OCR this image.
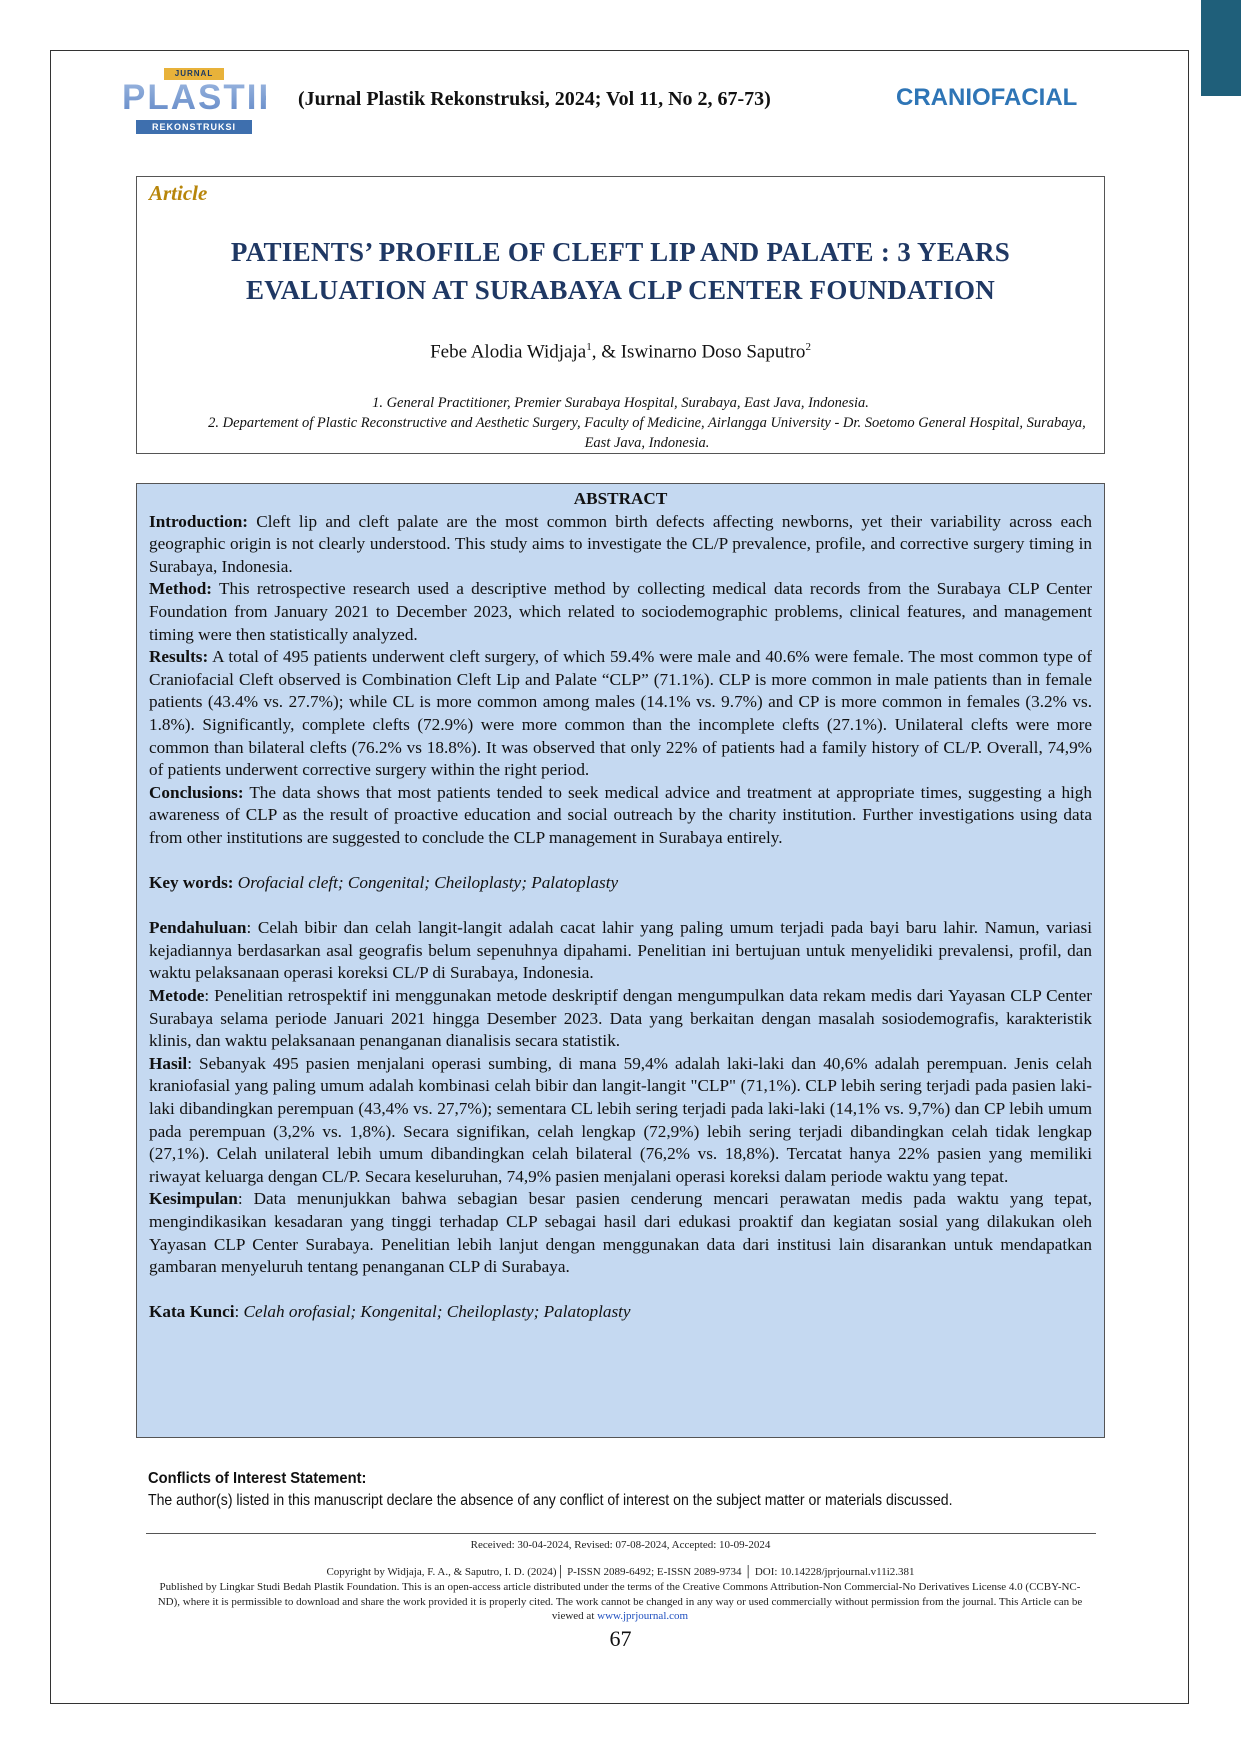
JURNAL
PLASTIK
REKONSTRUKSI
(Jurnal Plastik Rekonstruksi, 2024; Vol 11, No 2, 67-73)	CRANIOFACIAL
Article
PATIENTS’ PROFILE OF CLEFT LIP AND PALATE : 3 YEARS
EVALUATION AT SURABAYA CLP CENTER FOUNDATION
Febe Alodia Widjaja$^1$, & Iswinarno Doso Saputro$^2$
1. General Practitioner, Premier Surabaya Hospital, Surabaya, East Java, Indonesia.
2. Departement of Plastic Reconstructive and Aesthetic Surgery, Faculty of Medicine, Airlangga University - Dr. Soetomo General Hospital, Surabaya, East Java, Indonesia.

ABSTRACT

Introduction: Cleft lip and cleft palate are the most common birth defects affecting newborns, yet their variability across each geographic origin is not clearly understood. This study aims to investigate the CL/P prevalence, profile, and corrective surgery timing in Surabaya, Indonesia.

Method: This retrospective research used a descriptive method by collecting medical data records from the Surabaya CLP Center Foundation from January 2021 to December 2023, which related to sociodemographic problems, clinical features, and management timing were then statistically analyzed.

Results: A total of 495 patients underwent cleft surgery, of which 59.4% were male and 40.6% were female. The most common type of Craniofacial Cleft observed is Combination Cleft Lip and Palate “CLP” (71.1%). CLP is more common in male patients than in female patients (43.4% vs. 27.7%); while CL is more common among males (14.1% vs. 9.7%) and CP is more common in females (3.2% vs. 1.8%). Significantly, complete clefts (72.9%) were more common than the incomplete clefts (27.1%). Unilateral clefts were more common than bilateral clefts (76.2% vs 18.8%). It was observed that only 22% of patients had a family history of CL/P. Overall, 74,9% of patients underwent corrective surgery within the right period.

Conclusions: The data shows that most patients tended to seek medical advice and treatment at appropriate times, suggesting a high awareness of CLP as the result of proactive education and social outreach by the charity institution. Further investigations using data from other institutions are suggested to conclude the CLP management in Surabaya entirely.

Key words: Orofacial cleft; Congenital; Cheiloplasty; Palatoplasty

Pendahuluan: Celah bibir dan celah langit-langit adalah cacat lahir yang paling umum terjadi pada bayi baru lahir. Namun, variasi kejadiannya berdasarkan asal geografis belum sepenuhnya dipahami. Penelitian ini bertujuan untuk menyelidiki prevalensi, profil, dan waktu pelaksanaan operasi koreksi CL/P di Surabaya, Indonesia.

Metode: Penelitian retrospektif ini menggunakan metode deskriptif dengan mengumpulkan data rekam medis dari Yayasan CLP Center Surabaya selama periode Januari 2021 hingga Desember 2023. Data yang berkaitan dengan masalah sosiodemografis, karakteristik klinis, dan waktu pelaksanaan penanganan dianalisis secara statistik.

Hasil: Sebanyak 495 pasien menjalani operasi sumbing, di mana 59,4% adalah laki-laki dan 40,6% adalah perempuan. Jenis celah kraniofasial yang paling umum adalah kombinasi celah bibir dan langit-langit "CLP" (71,1%). CLP lebih sering terjadi pada pasien laki-laki dibandingkan perempuan (43,4% vs. 27,7%); sementara CL lebih sering terjadi pada laki-laki (14,1% vs. 9,7%) dan CP lebih umum pada perempuan (3,2% vs. 1,8%). Secara signifikan, celah lengkap (72,9%) lebih sering terjadi dibandingkan celah tidak lengkap (27,1%). Celah unilateral lebih umum dibandingkan celah bilateral (76,2% vs. 18,8%). Tercatat hanya 22% pasien yang memiliki riwayat keluarga dengan CL/P. Secara keseluruhan, 74,9% pasien menjalani operasi koreksi dalam periode waktu yang tepat.

Kesimpulan: Data menunjukkan bahwa sebagian besar pasien cenderung mencari perawatan medis pada waktu yang tepat, mengindikasikan kesadaran yang tinggi terhadap CLP sebagai hasil dari edukasi proaktif dan kegiatan sosial yang dilakukan oleh Yayasan CLP Center Surabaya. Penelitian lebih lanjut dengan menggunakan data dari institusi lain disarankan untuk mendapatkan gambaran menyeluruh tentang penanganan CLP di Surabaya.

Kata Kunci: Celah orofasial; Kongenital; Cheiloplasty; Palatoplasty

Conflicts of Interest Statement:
The author(s) listed in this manuscript declare the absence of any conflict of interest on the subject matter or materials discussed.
Received: 30-04-2024, Revised: 07-08-2024, Accepted: 10-09-2024
Copyright by Widjaja, F. A., & Saputro, I. D. (2024)│ P-ISSN 2089-6492; E-ISSN 2089-9734 │ DOI: 10.14228/jprjournal.v11i2.381
Published by Lingkar Studi Bedah Plastik Foundation. This is an open-access article distributed under the terms of the Creative Commons Attribution-Non Commercial-No Derivatives License 4.0 (CCBY-NC-ND), where it is permissible to download and share the work provided it is properly cited. The work cannot be changed in any way or used commercially without permission from the journal. This Article can be viewed at www.jprjournal.com
67
